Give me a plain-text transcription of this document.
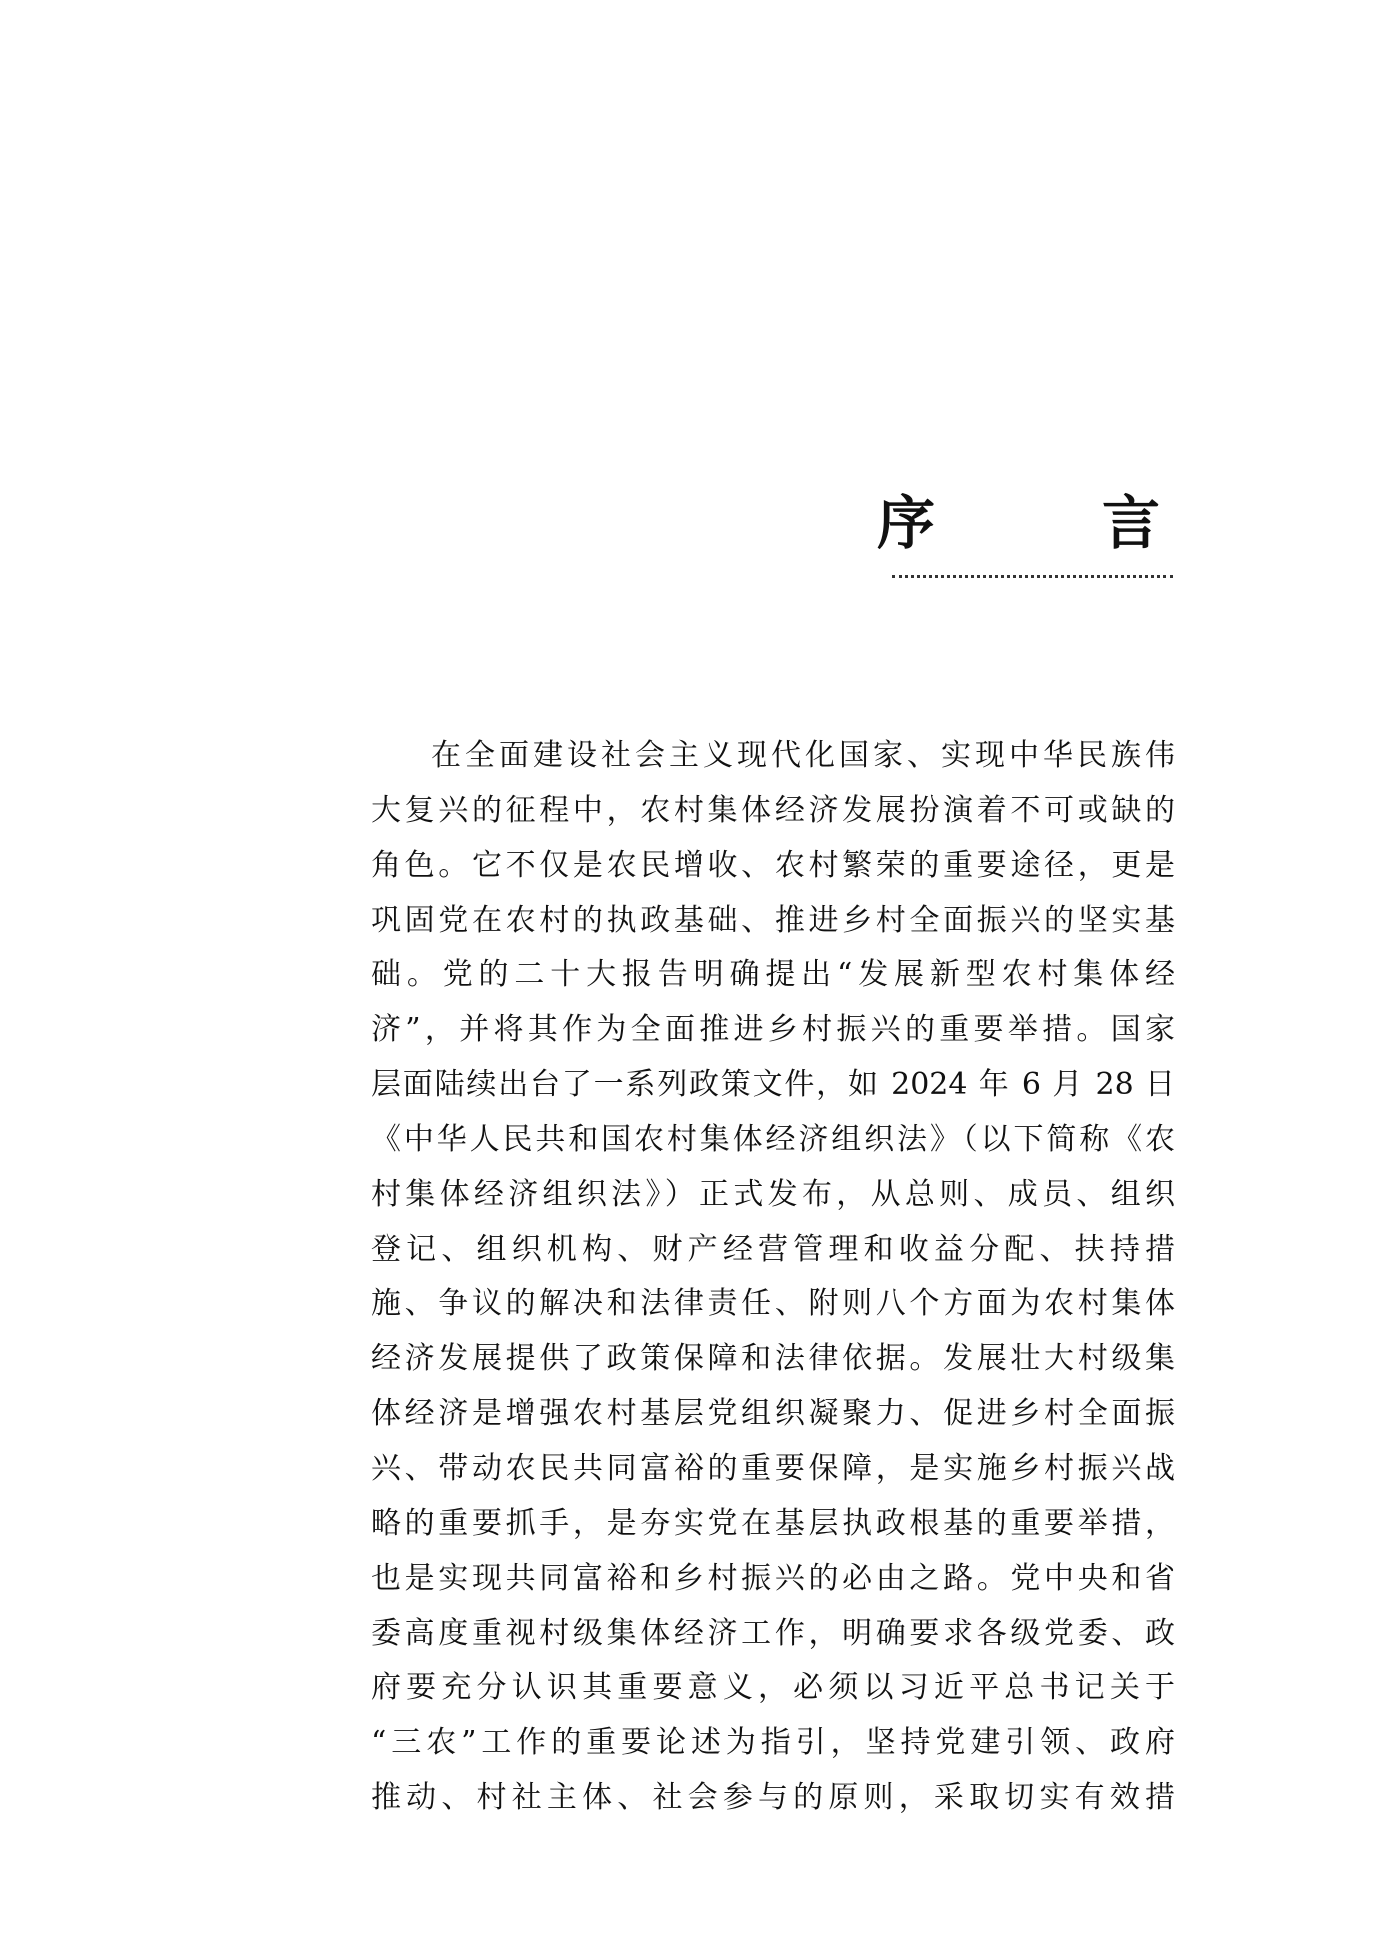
序	言
在全面建设社会主义现代化国家、实现中华民族伟
大复兴的征程中，农村集体经济发展扮演着不可或缺的
角色。它不仅是农民增收、农村繁荣的重要途径，更是
巩固党在农村的执政基础、推进乡村全面振兴的坚实基
础。党的二十大报告明确提出“发展新型农村集体经
济”，并将其作为全面推进乡村振兴的重要举措。国家
层面陆续出台了一系列政策文件，如 2024 年 6 月 28 日
《中华人民共和国农村集体经济组织法》（以下简称《农
村集体经济组织法》）正式发布，从总则、成员、组织
登记、组织机构、财产经营管理和收益分配、扶持措
施、争议的解决和法律责任、附则八个方面为农村集体
经济发展提供了政策保障和法律依据。发展壮大村级集
体经济是增强农村基层党组织凝聚力、促进乡村全面振
兴、带动农民共同富裕的重要保障，是实施乡村振兴战
略的重要抓手，是夯实党在基层执政根基的重要举措，
也是实现共同富裕和乡村振兴的必由之路。党中央和省
委高度重视村级集体经济工作，明确要求各级党委、政
府要充分认识其重要意义，必须以习近平总书记关于
“三农”工作的重要论述为指引，坚持党建引领、政府
推动、村社主体、社会参与的原则，采取切实有效措
